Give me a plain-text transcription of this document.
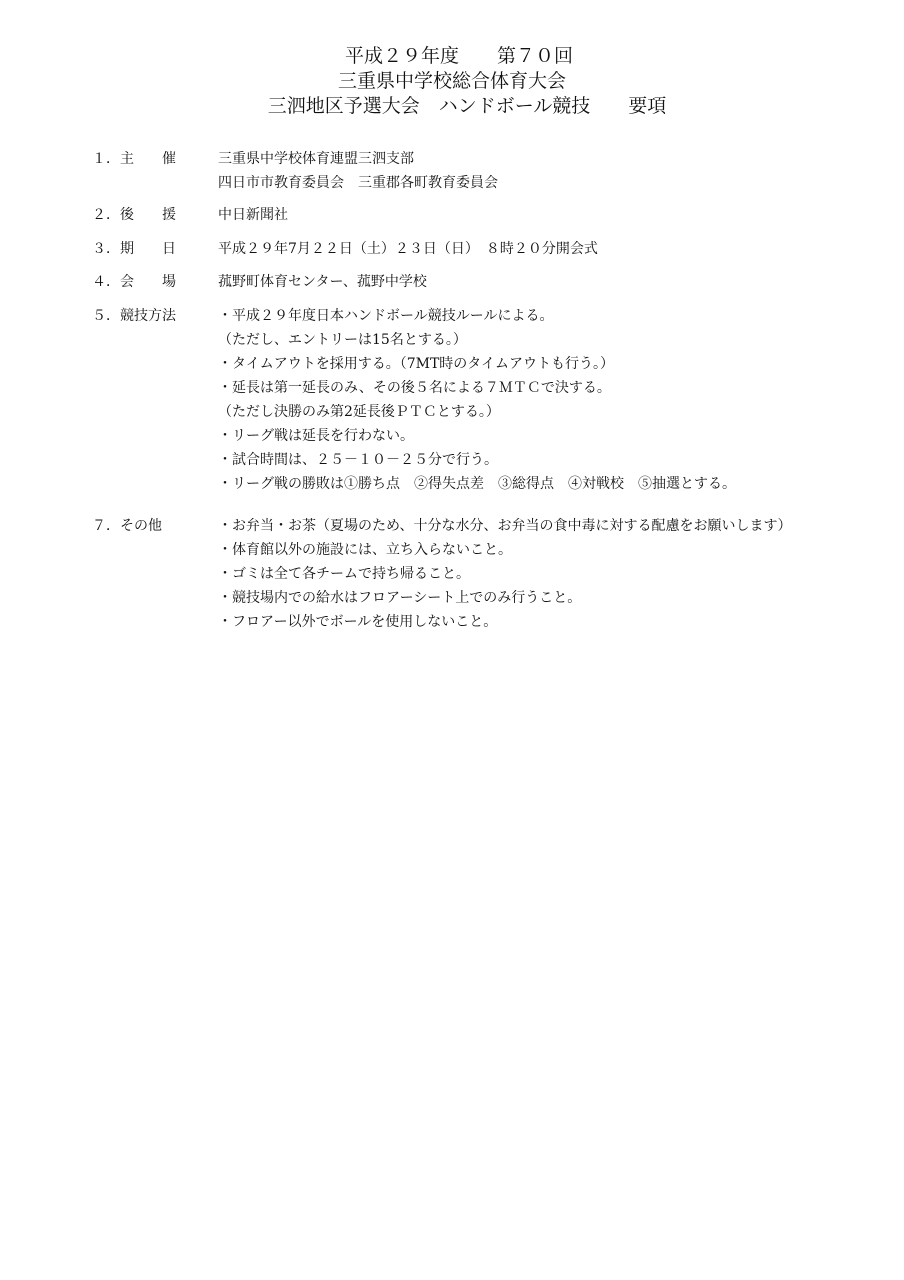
平成２９年度　　第７０回
三重県中学校総合体育大会
三泗地区予選大会　ハンドボール競技　　要項
１．主　　催	三重県中学校体育連盟三泗支部
四日市市教育委員会　三重郡各町教育委員会
２．後　　援	中日新聞社
３．期　　日	平成２９年7月２２日（土）２３日（日）　８時２０分開会式
４．会　　場	菰野町体育センター、菰野中学校
５．競技方法	・平成２９年度日本ハンドボール競技ルールによる。
（ただし、エントリーは15名とする。）
・タイムアウトを採用する。（7MT時のタイムアウトも行う。）
・延長は第一延長のみ、その後５名による７ＭＴＣで決する。
（ただし決勝のみ第2延長後ＰＴＣとする。）
・リーグ戦は延長を行わない。
・試合時間は、２５－１０－２５分で行う。
・リーグ戦の勝敗は①勝ち点　②得失点差　③総得点　④対戦校　⑤抽選とする。
７．その他	・お弁当・お茶（夏場のため、十分な水分、お弁当の食中毒に対する配慮をお願いします）
・体育館以外の施設には、立ち入らないこと。
・ゴミは全て各チームで持ち帰ること。
・競技場内での給水はフロアーシート上でのみ行うこと。
・フロアー以外でボールを使用しないこと。
